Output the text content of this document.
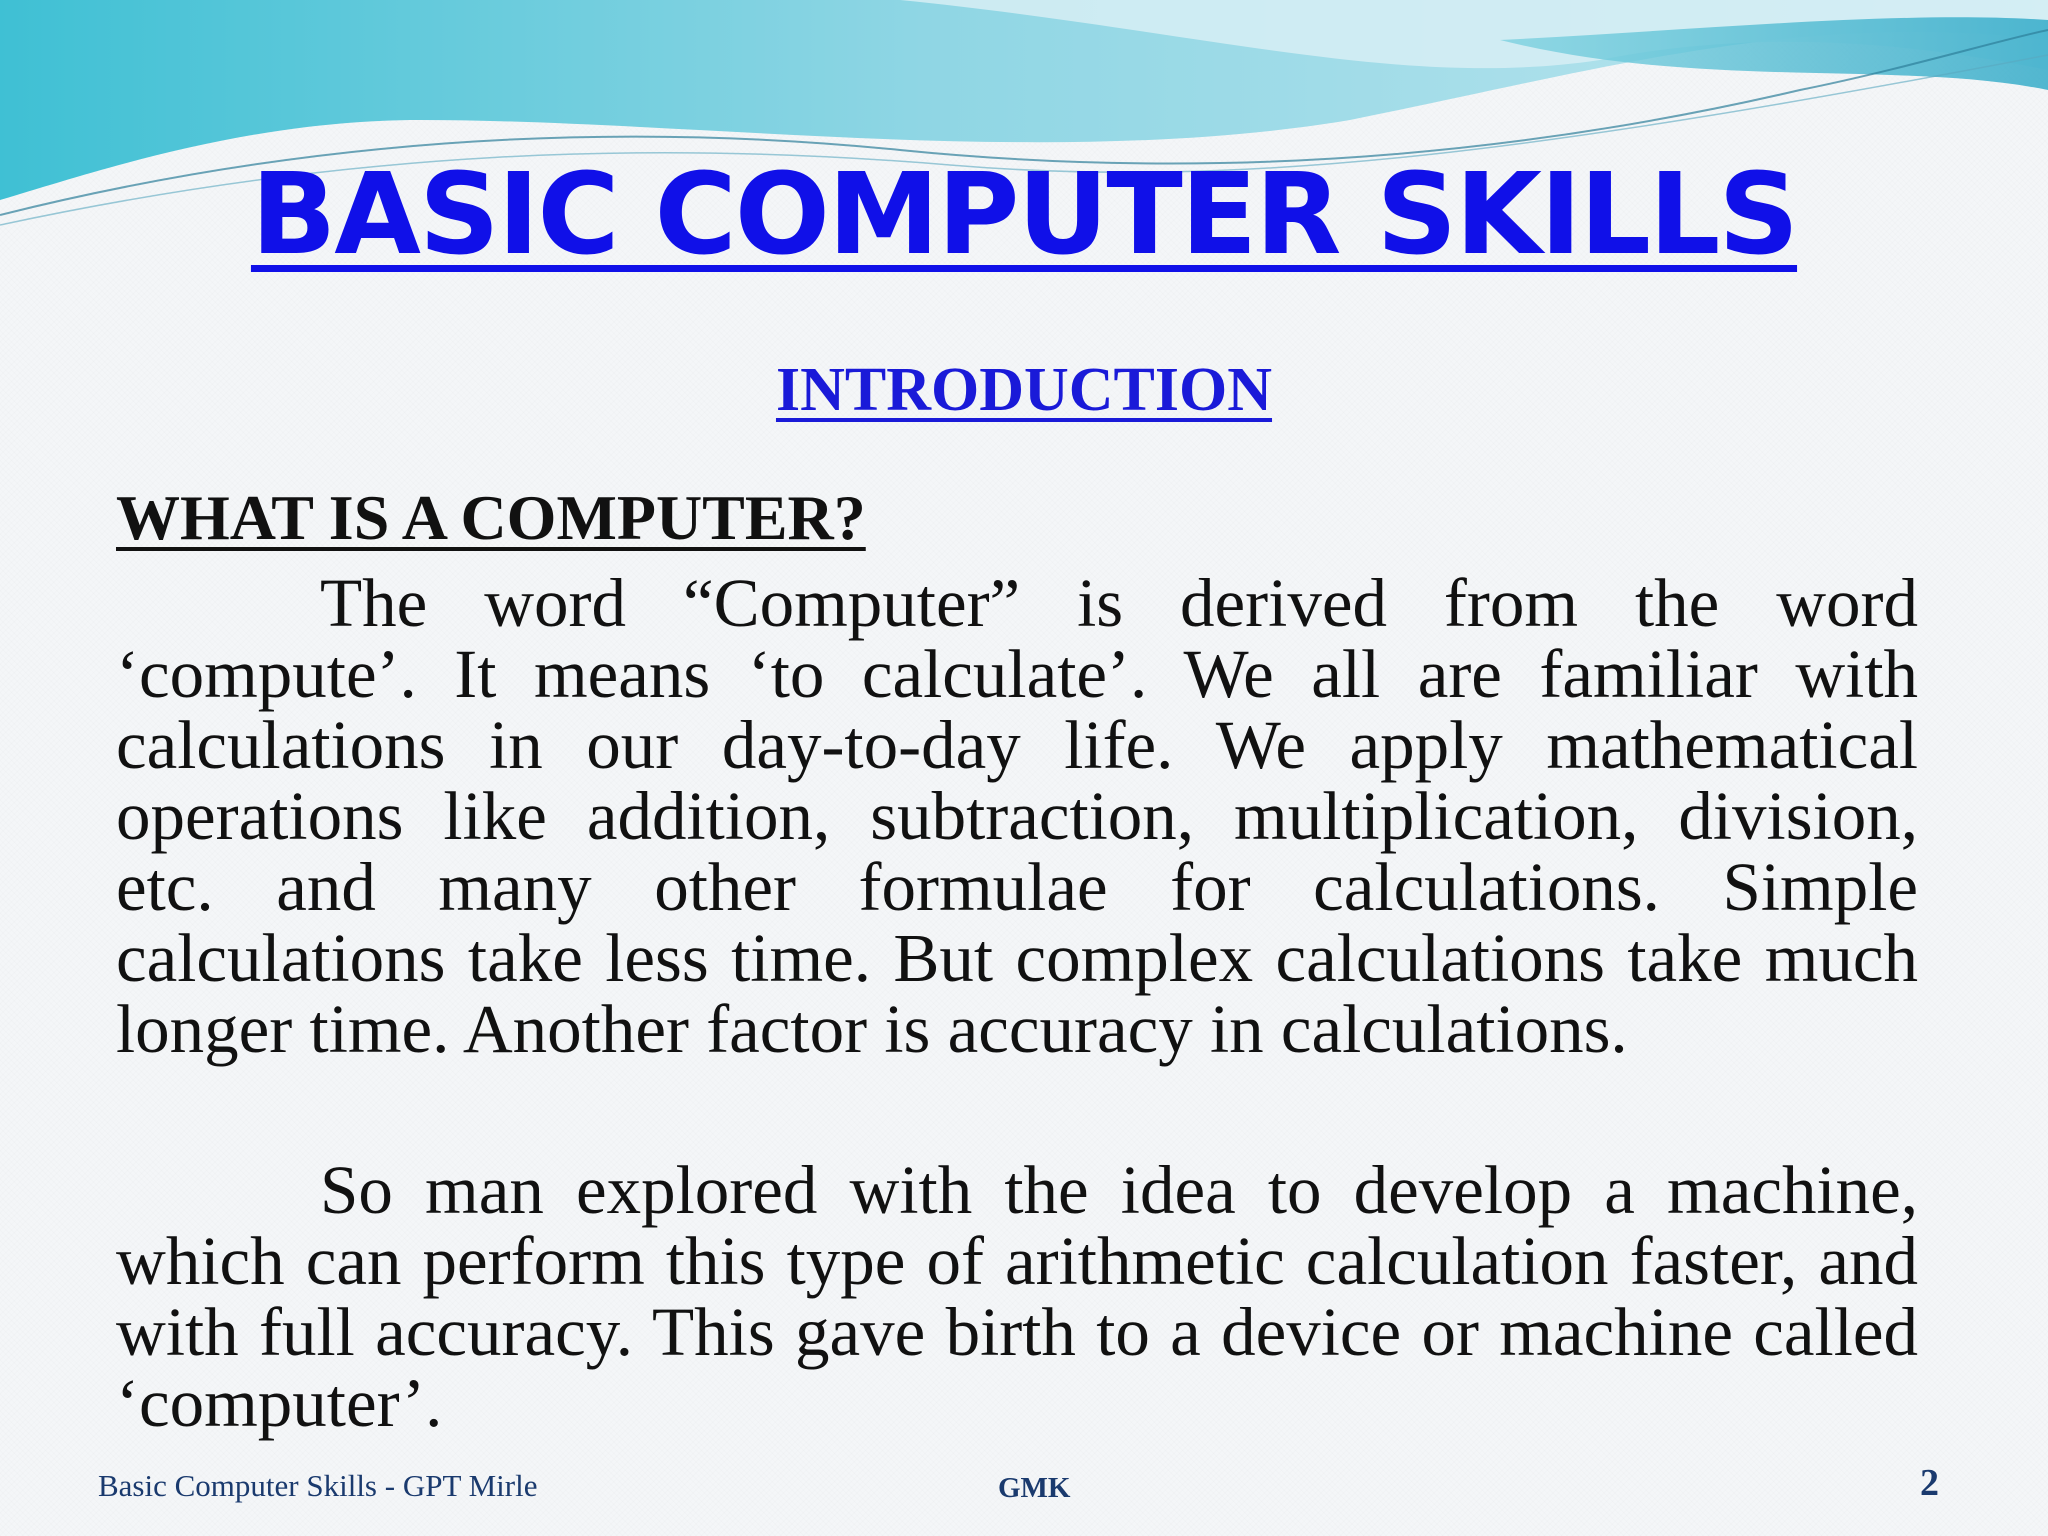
BASIC COMPUTER SKILLS
INTRODUCTION
WHAT IS A COMPUTER?

The word “Computer” is derived from the word ‘compute’. It means ‘to calculate’. We all are familiar with calculations in our day-to-day life. We apply mathematical operations like addition, subtraction, multiplication, division, etc. and many other formulae for calculations. Simple calculations take less time. But complex calculations take much longer time. Another factor is accuracy in calculations.

So man explored with the idea to develop a machine, which can perform this type of arithmetic calculation faster, and with full accuracy. This gave birth to a device or machine called ‘computer’.

Basic Computer Skills - GPT Mirle	GMK	2
